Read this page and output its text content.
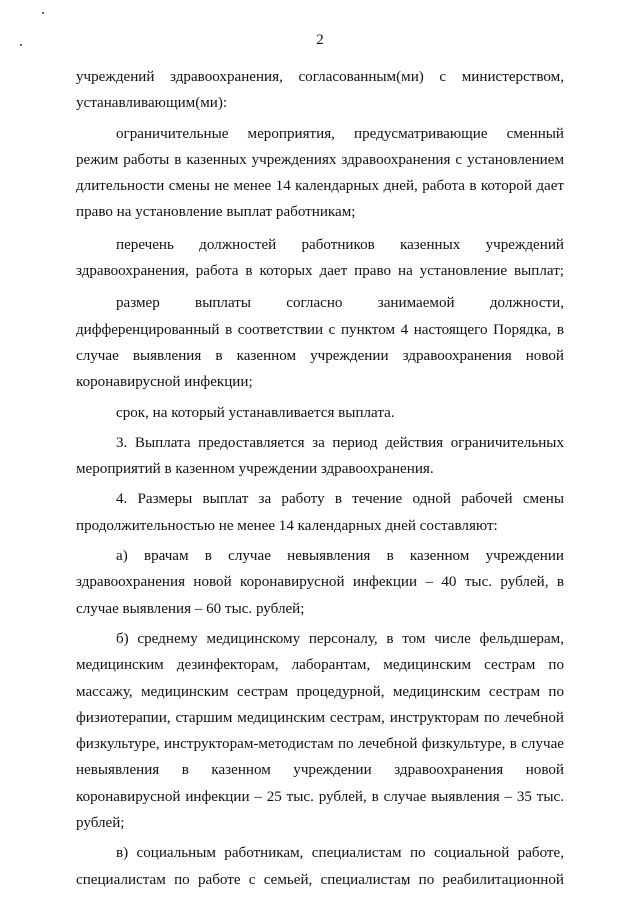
2
учреждений здравоохранения, согласованным(ми) с министерством, устанавливающим(ми):
ограничительные мероприятия, предусматривающие сменный режим работы в казенных учреждениях здравоохранения с установлением длительности смены не менее 14 календарных дней, работа в которой дает право на установление выплат работникам;
перечень должностей работников казенных учреждений здравоохранения, работа в которых дает право на установление выплат;
размер выплаты согласно занимаемой должности, дифференцированный в соответствии с пунктом 4 настоящего Порядка, в случае выявления в казенном учреждении здравоохранения новой коронавирусной инфекции;
срок, на который устанавливается выплата.
3. Выплата предоставляется за период действия ограничительных мероприятий в казенном учреждении здравоохранения.
4. Размеры выплат за работу в течение одной рабочей смены продолжительностью не менее 14 календарных дней составляют:
а) врачам в случае невыявления в казенном учреждении здравоохранения новой коронавирусной инфекции – 40 тыс. рублей, в случае выявления – 60 тыс. рублей;
б) среднему медицинскому персоналу, в том числе фельдшерам, медицинским дезинфекторам, лаборантам, медицинским сестрам по массажу, медицинским сестрам процедурной, медицинским сестрам по физиотерапии, старшим медицинским сестрам, инструкторам по лечебной физкультуре, инструкторам-методистам по лечебной физкультуре, в случае невыявления в казенном учреждении здравоохранения новой коронавирусной инфекции – 25 тыс. рублей, в случае выявления – 35 тыс. рублей;
в) социальным работникам, специалистам по социальной работе, специалистам по работе с семьей, специалистам по реабилитационной
